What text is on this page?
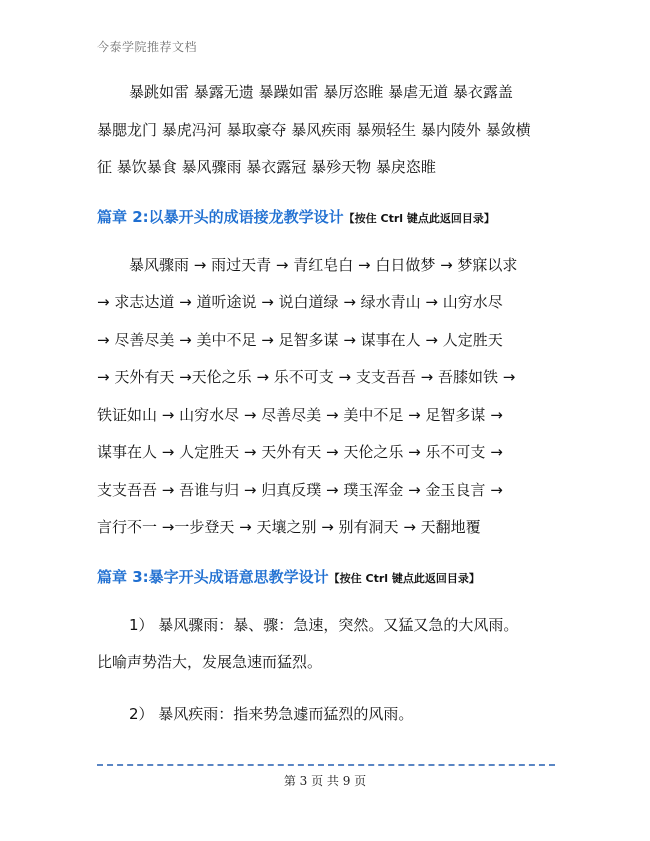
今泰学院推荐文档

暴跳如雷 暴露无遗 暴躁如雷 暴厉恣睢 暴虐无道 暴衣露盖

暴腮龙门 暴虎冯河 暴取豪夺 暴风疾雨 暴殒轻生 暴内陵外 暴敛横

征 暴饮暴食 暴风骤雨 暴衣露冠 暴殄天物 暴戾恣睢

篇章 2:以暴开头的成语接龙教学设计【按住 Ctrl 键点此返回目录】

暴风骤雨 → 雨过天青 → 青红皂白 → 白日做梦 → 梦寐以求

→ 求志达道 → 道听途说 → 说白道绿 → 绿水青山 → 山穷水尽

→ 尽善尽美 → 美中不足 → 足智多谋 → 谋事在人 → 人定胜天

→ 天外有天 →天伦之乐 → 乐不可支 → 支支吾吾 → 吾膝如铁 →

铁证如山 → 山穷水尽 → 尽善尽美 → 美中不足 → 足智多谋 →

谋事在人 → 人定胜天 → 天外有天 → 天伦之乐 → 乐不可支 →

支支吾吾 → 吾谁与归 → 归真反璞 → 璞玉浑金 → 金玉良言 →

言行不一 →一步登天 → 天壤之别 → 别有洞天 → 天翻地覆

篇章 3:暴字开头成语意思教学设计【按住 Ctrl 键点此返回目录】

1） 暴风骤雨：暴、骤：急速，突然。又猛又急的大风雨。

比喻声势浩大，发展急速而猛烈。

2） 暴风疾雨：指来势急遽而猛烈的风雨。

第 3 页 共 9 页
